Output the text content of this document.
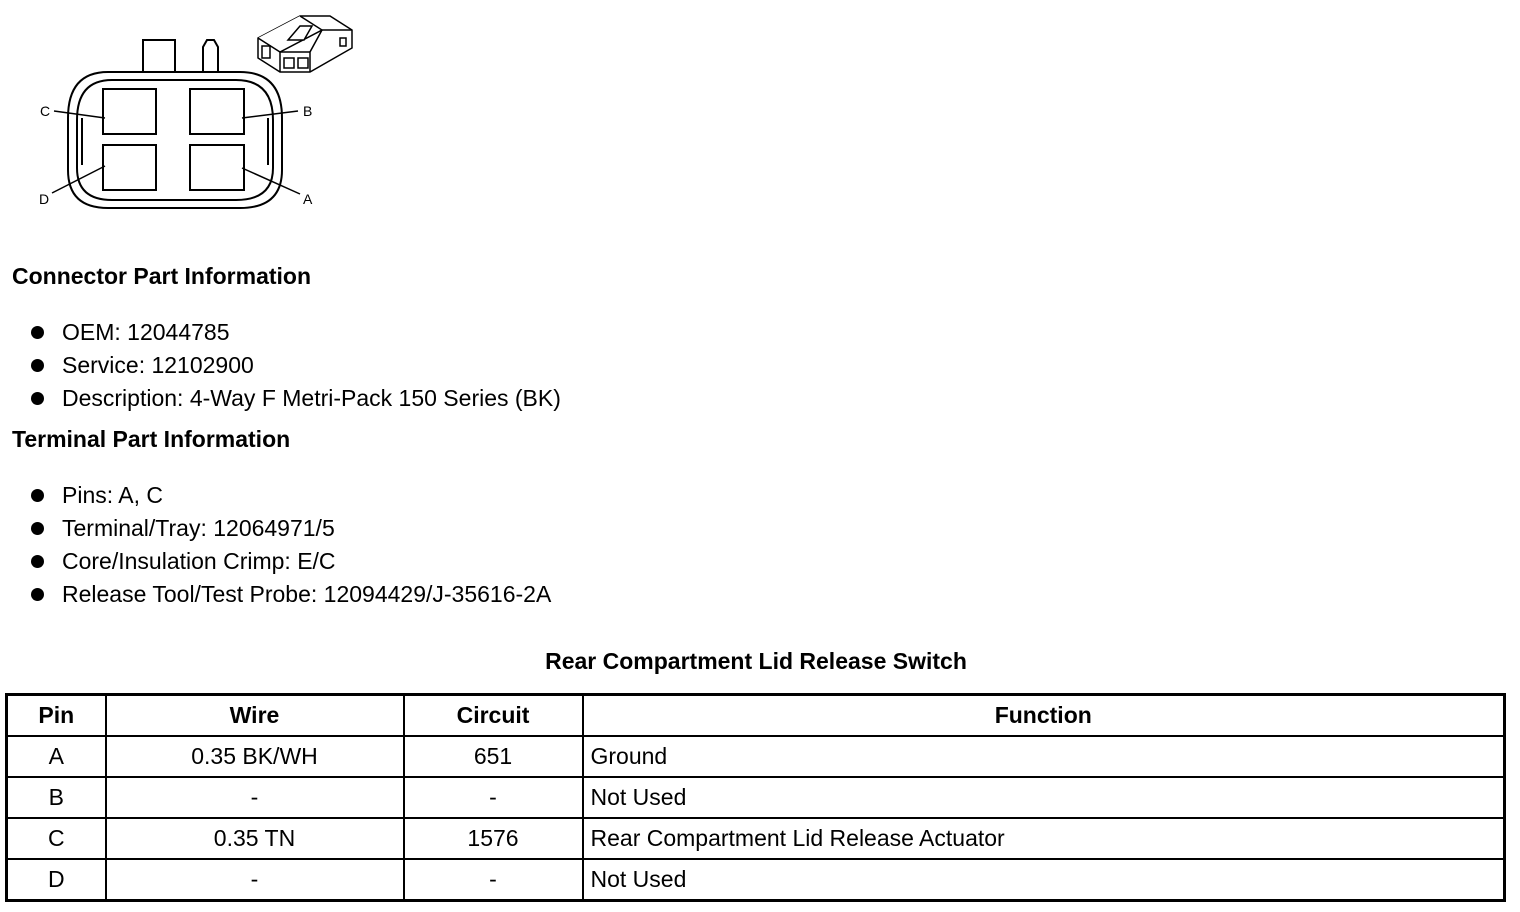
C	B
D	A
Connector Part Information
OEM: 12044785
Service: 12102900
Description: 4-Way F Metri-Pack 150 Series (BK)
Terminal Part Information
Pins: A, C
Terminal/Tray: 12064971/5
Core/Insulation Crimp: E/C
Release Tool/Test Probe: 12094429/J-35616-2A
Rear Compartment Lid Release Switch
Pin	Wire	Circuit	Function
A	0.35 BK/WH	651	Ground
B	-	-	Not Used
C	0.35 TN	1576	Rear Compartment Lid Release Actuator
D	-	-	Not Used
